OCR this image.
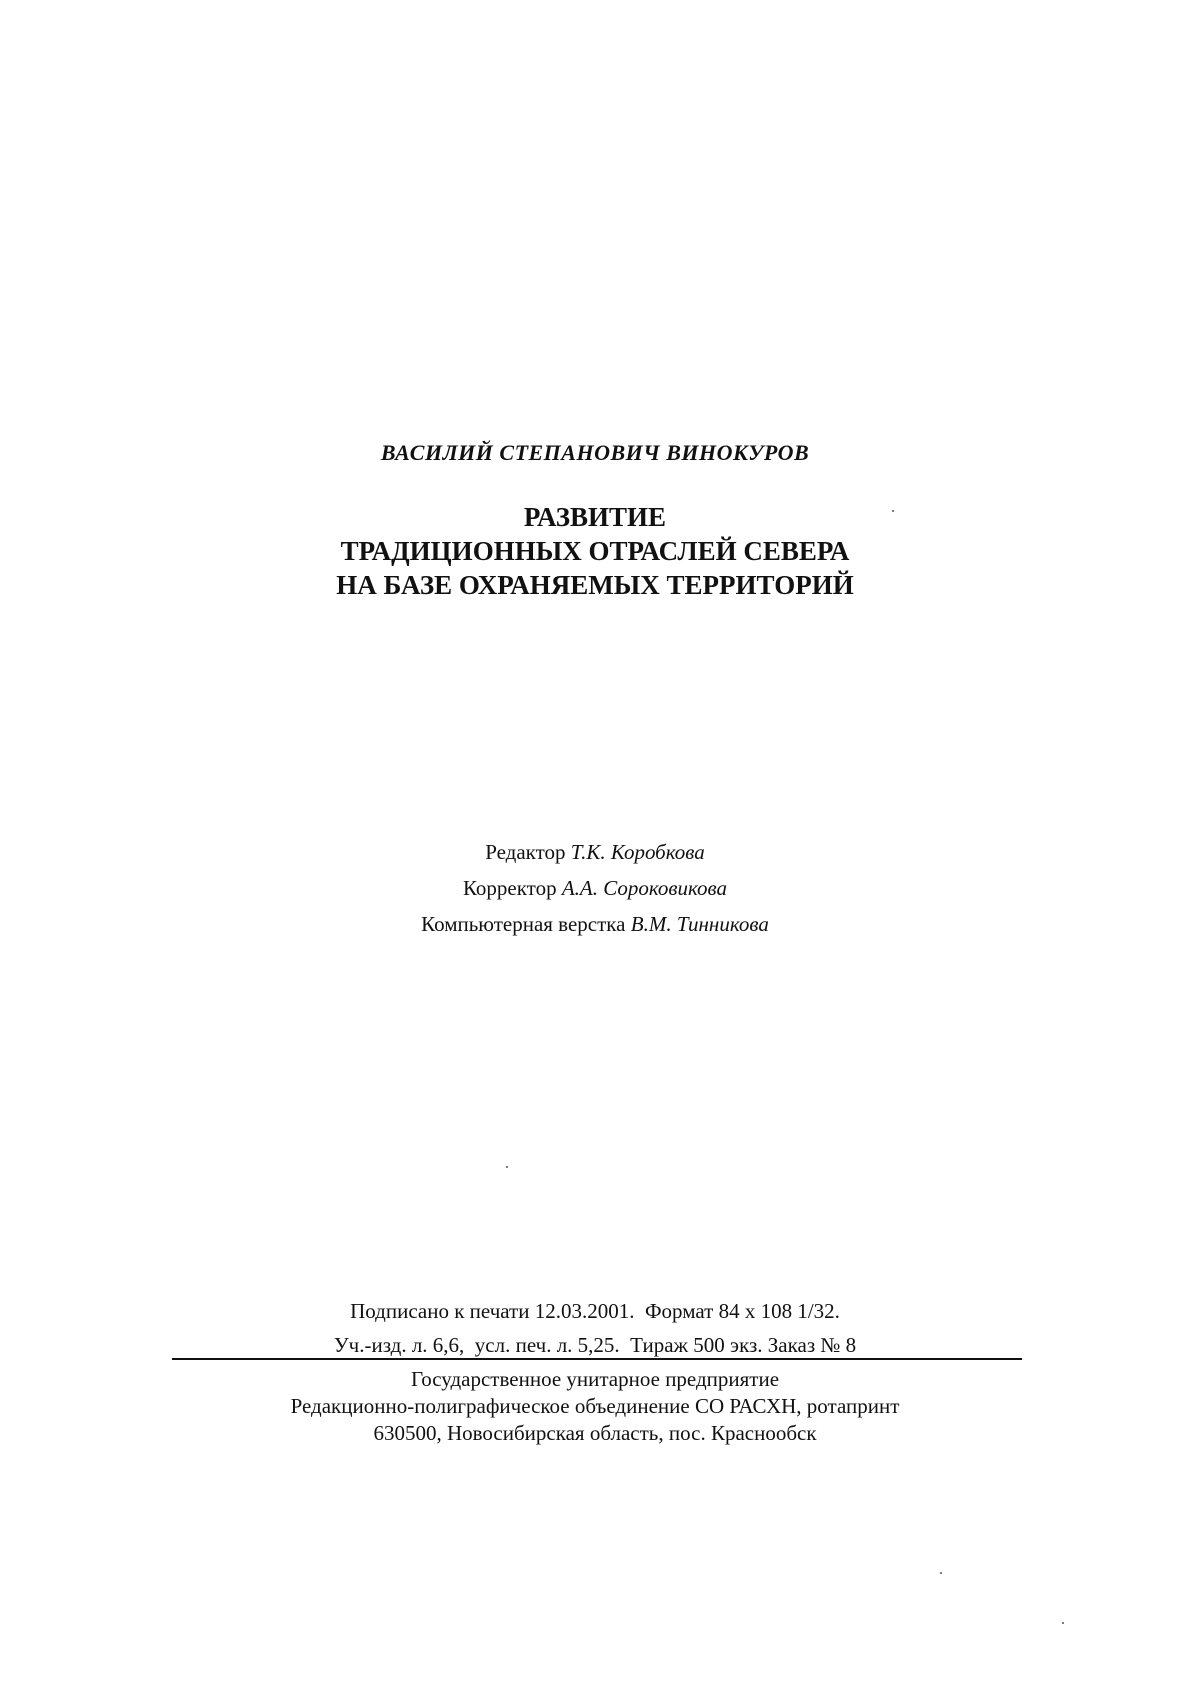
ВАСИЛИЙ СТЕПАНОВИЧ ВИНОКУРОВ
РАЗВИТИЕ
ТРАДИЦИОННЫХ ОТРАСЛЕЙ СЕВЕРА
НА БАЗЕ ОХРАНЯЕМЫХ ТЕРРИТОРИЙ
Редактор Т.К. Коробкова
Корректор А.А. Сороковикова
Компьютерная верстка В.М. Тинникова
Подписано к печати 12.03.2001.  Формат 84 x 108 1/32.
Уч.-изд. л. 6,6,  усл. печ. л. 5,25.  Тираж 500 экз. Заказ № 8
Государственное унитарное предприятие
Редакционно-полиграфическое объединение СО РАСХН, ротапринт
630500, Новосибирская область, пос. Краснообск
